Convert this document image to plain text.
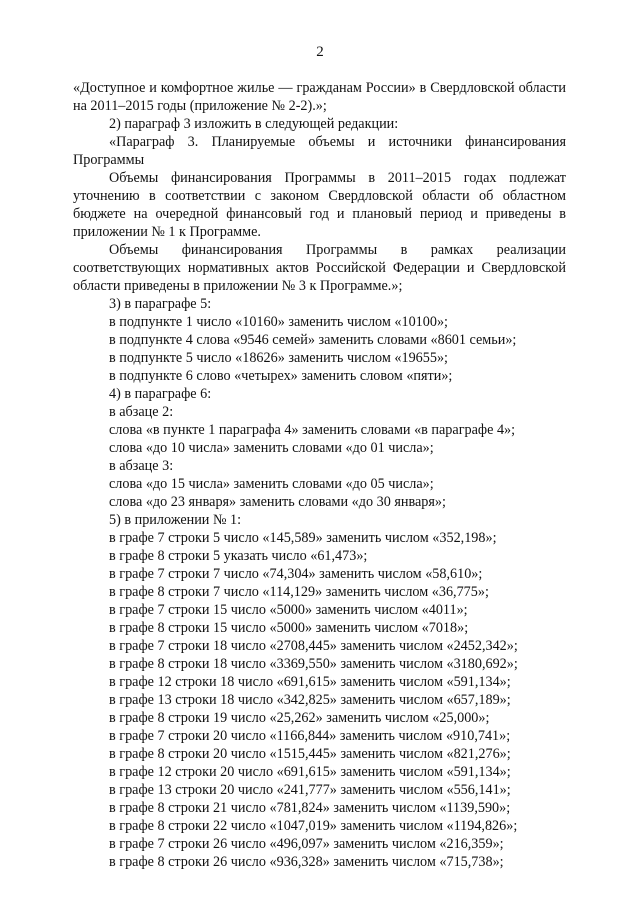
2
«Доступное и комфортное жилье — гражданам России» в Свердловской области
на 2011–2015 годы (приложение № 2-2).»;
2) параграф 3 изложить в следующей редакции:
«Параграф 3. Планируемые объемы и источники финансирования
Программы
Объемы финансирования Программы в 2011–2015 годах подлежат
уточнению в соответствии с законом Свердловской области об областном
бюджете на очередной финансовый год и плановый период и приведены в
приложении № 1 к Программе.
Объемы финансирования Программы в рамках реализации
соответствующих нормативных актов Российской Федерации и Свердловской
области приведены в приложении № 3 к Программе.»;
3) в параграфе 5:
в подпункте 1 число «10160» заменить числом «10100»;
в подпункте 4 слова «9546 семей» заменить словами «8601 семьи»;
в подпункте 5 число «18626» заменить числом «19655»;
в подпункте 6 слово «четырех» заменить словом «пяти»;
4) в параграфе 6:
в абзаце 2:
слова «в пункте 1 параграфа 4» заменить словами «в параграфе 4»;
слова «до 10 числа» заменить словами «до 01 числа»;
в абзаце 3:
слова «до 15 числа» заменить словами «до 05 числа»;
слова «до 23 января» заменить словами «до 30 января»;
5) в приложении № 1:
в графе 7 строки 5 число «145,589» заменить числом «352,198»;
в графе 8 строки 5 указать число «61,473»;
в графе 7 строки 7 число «74,304» заменить числом «58,610»;
в графе 8 строки 7 число «114,129» заменить числом «36,775»;
в графе 7 строки 15 число «5000» заменить числом «4011»;
в графе 8 строки 15 число «5000» заменить числом «7018»;
в графе 7 строки 18 число «2708,445» заменить числом «2452,342»;
в графе 8 строки 18 число «3369,550» заменить числом «3180,692»;
в графе 12 строки 18 число «691,615» заменить числом «591,134»;
в графе 13 строки 18 число «342,825» заменить числом «657,189»;
в графе 8 строки 19 число «25,262» заменить числом «25,000»;
в графе 7 строки 20 число «1166,844» заменить числом «910,741»;
в графе 8 строки 20 число «1515,445» заменить числом «821,276»;
в графе 12 строки 20 число «691,615» заменить числом «591,134»;
в графе 13 строки 20 число «241,777» заменить числом «556,141»;
в графе 8 строки 21 число «781,824» заменить числом «1139,590»;
в графе 8 строки 22 число «1047,019» заменить числом «1194,826»;
в графе 7 строки 26 число «496,097» заменить числом «216,359»;
в графе 8 строки 26 число «936,328» заменить числом «715,738»;
